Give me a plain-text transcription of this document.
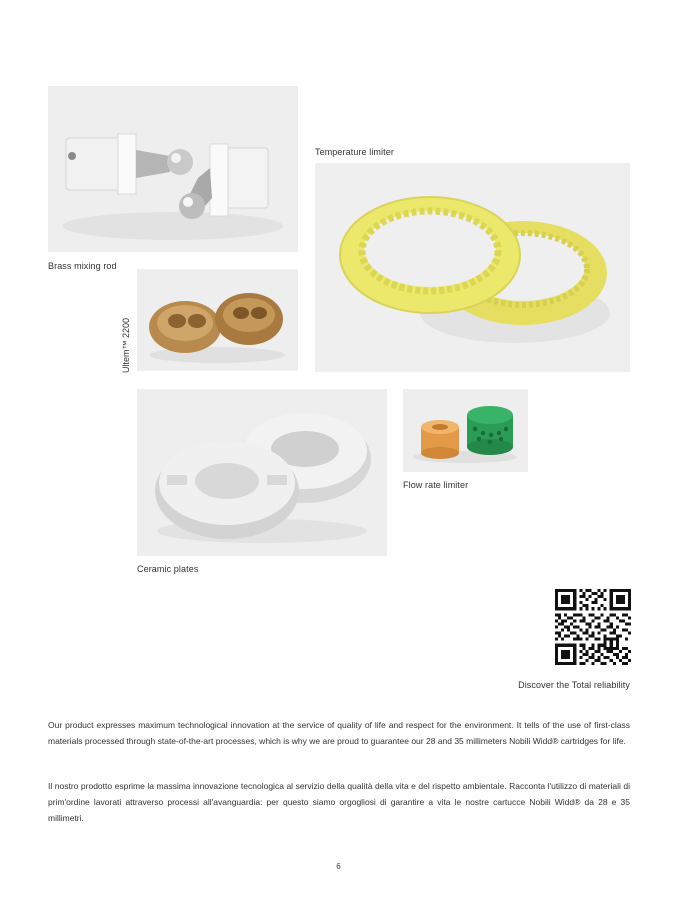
Brass mixing rod
Temperature limiter
Ultem™ 2200
Ceramic plates
Flow rate limiter
Discover the Total reliability

Our product expresses maximum technological innovation at the service of quality of life and respect for the environment. It tells of the use of first-class materials processed through state-of-the-art processes, which is why we are proud to guarantee our 28 and 35 millimeters Nobili Widd® cartridges for life.

Il nostro prodotto esprime la massima innovazione tecnologica al servizio della qualità della vita e del rispetto ambientale. Racconta l'utilizzo di materiali di prim'ordine lavorati attraverso processi all'avanguardia: per questo siamo orgogliosi di garantire a vita le nostre cartucce Nobili Widd® da 28 e 35 millimetri.

6
